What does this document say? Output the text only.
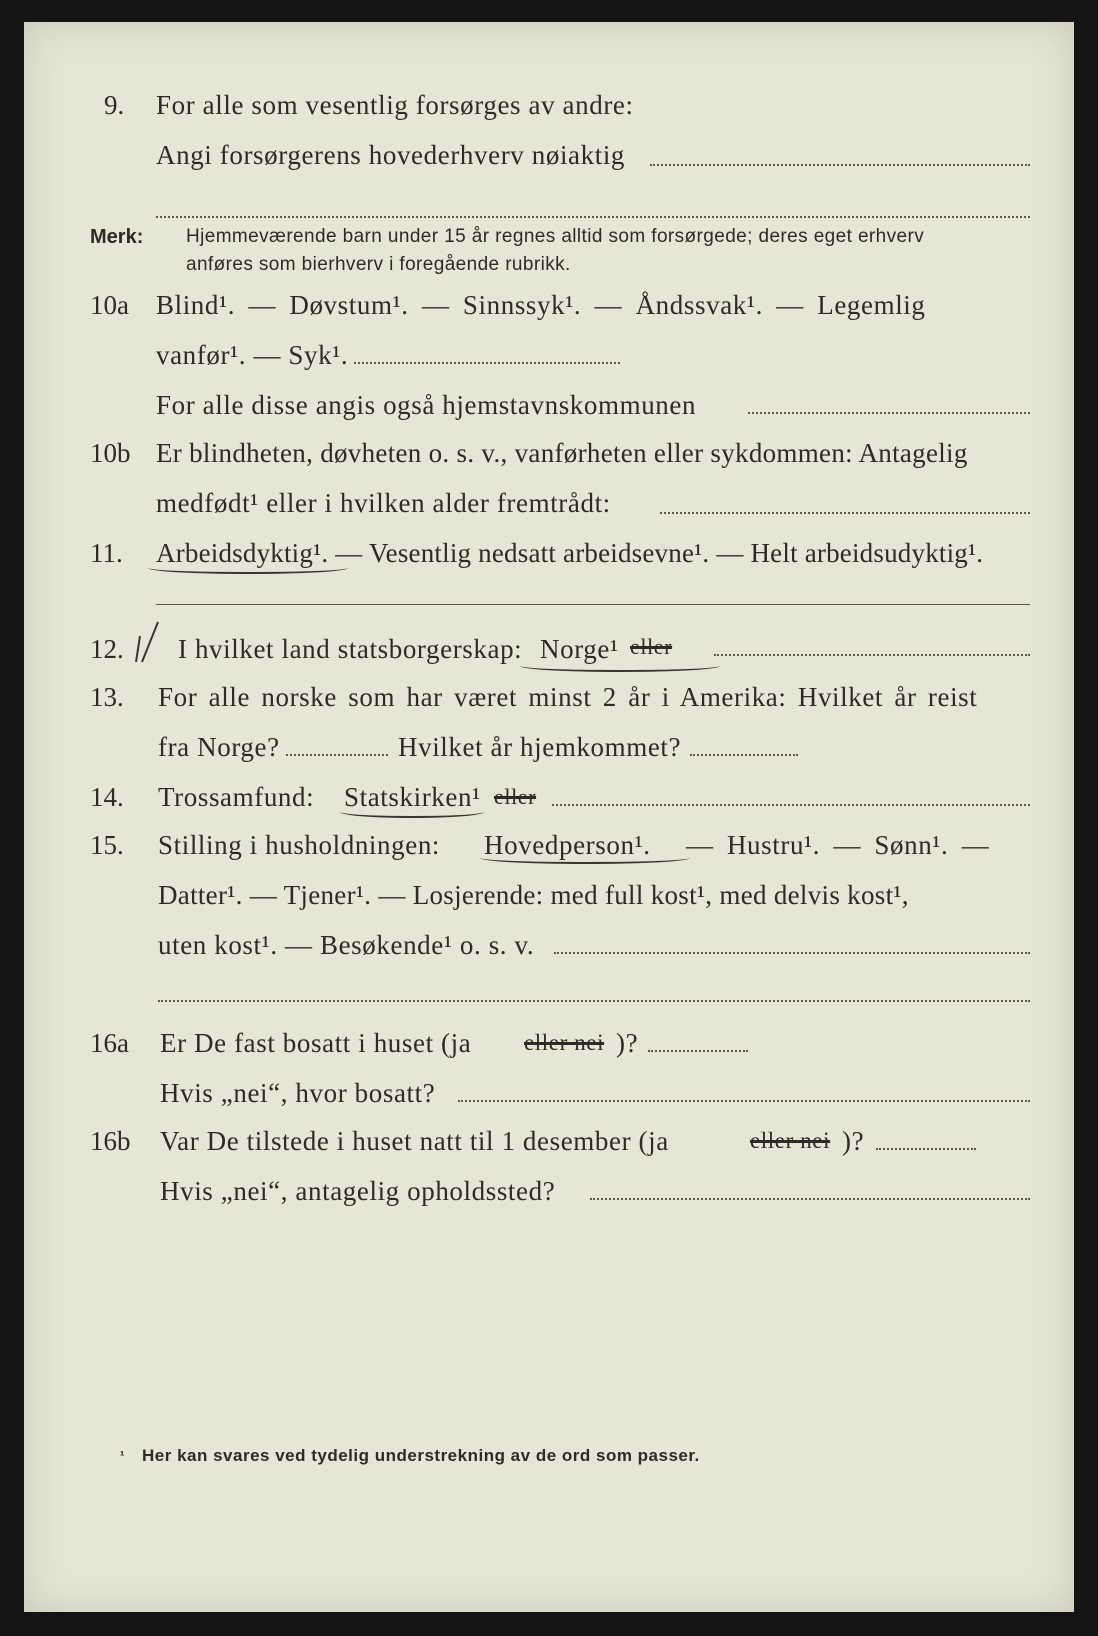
9. For alle som vesentlig forsørges av andre:
Angi forsørgerens hovederhverv nøiaktig
Merk: Hjemmeværende barn under 15 år regnes alltid som forsørgede; deres eget erhverv
anføres som bierhverv i foregående rubrikk.
10a Blind¹. — Døvstum¹. — Sinnssyk¹. — Åndssvak¹. — Legemlig
vanfør¹. — Syk¹.
For alle disse angis også hjemstavnskommunen
10b Er blindheten, døvheten o. s. v., vanførheten eller sykdommen: Antagelig
medfødt¹ eller i hvilken alder fremtrådt:
11. Arbeidsdyktig¹. — Vesentlig nedsatt arbeidsevne¹. — Helt arbeidsudyktig¹.
12. I hvilket land statsborgerskap: Norge¹ eller
13. For alle norske som har været minst 2 år i Amerika: Hvilket år reist
fra Norge?	Hvilket år hjemkommet?
14. Trossamfund: Statskirken¹ eller
15. Stilling i husholdningen: Hovedperson¹. — Hustru¹. — Sønn¹. —
Datter¹. — Tjener¹. — Losjerende: med full kost¹, med delvis kost¹,
uten kost¹. — Besøkende¹ o. s. v.
16a Er De fast bosatt i huset (ja eller nei )?
Hvis „nei“, hvor bosatt?
16b Var De tilstede i huset natt til 1 desember (ja	eller nei )?
Hvis „nei“, antagelig opholdssted?
¹ Her kan svares ved tydelig understrekning av de ord som passer.
